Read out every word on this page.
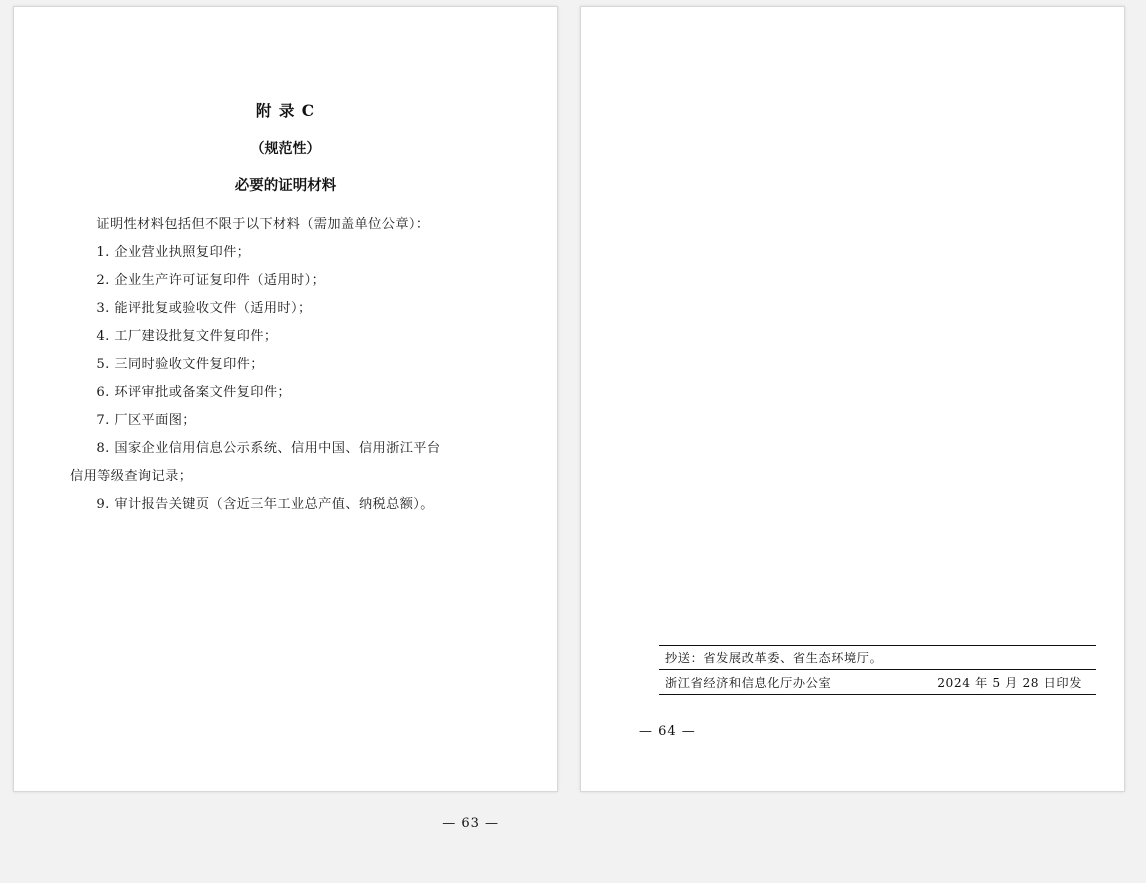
附 录 C
（规范性）
必要的证明材料

证明性材料包括但不限于以下材料（需加盖单位公章）：

1. 企业营业执照复印件；

2. 企业生产许可证复印件（适用时）；

3. 能评批复或验收文件（适用时）；

4. 工厂建设批复文件复印件；

5. 三同时验收文件复印件；

6. 环评审批或备案文件复印件；

7. 厂区平面图；

8. 国家企业信用信息公示系统、信用中国、信用浙江平台

信用等级查询记录；

9. 审计报告关键页（含近三年工业总产值、纳税总额）。

— 63 —
抄送：省发展改革委、省生态环境厅。
浙江省经济和信息化厅办公室	2024 年 5 月 28 日印发
— 64 —
